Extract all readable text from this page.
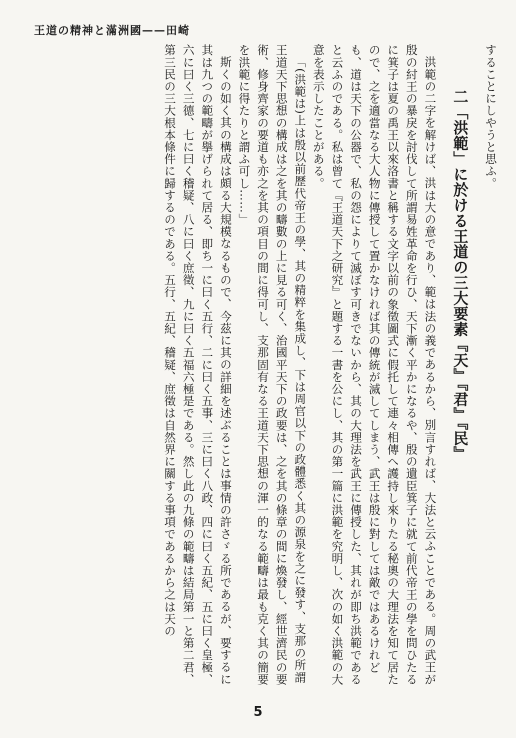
王道の精神と滿洲國——田崎

することにしやうと思ふ。

二「洪範」に於ける王道の三大要素『天』『君』『民』

洪範の二字を解けば、洪は大の意であり、範は法の義であるから、別言すれば、大法と云ふことである。周の武王が殷の紂王の暴戾を討伐して所謂易姓革命を行ひ、天下漸く平かになるや、殷の遺臣箕子に就て前代帝王の學を問ひたるに箕子は夏の禹王以來洛書と稱する文字以前の象徵圖式に假托して連々相傳へ護持し來りたる秘奧の大理法を知て居たので、之を適當なる大人物に傳授して置かなければ其の傳統が滅してしまう、武王は殷に對しては敵ではあるけれども、道は天下の公器で、私の怨によりて滅ぼす可きでないから、其の大理法を武王に傳授した、其れが即ち洪範であると云ふのである。私は曾て『王道天下之研究』と題する一書を公にし、其の第一篇に洪範を究明し、次の如く洪範の大意を表示したことがある。

「(洪範は)上は殷以前歷代帝王の學、其の精粹を集成し、下は周官以下の政體悉く其の源泉を之に發す、支那の所謂王道天下思想の構成は之を其の疇數の上に見る可く、治國平天下の政要は、之を其の條章の間に煥發し、經世濟民の要術、修身齊家の要道も亦之を其の項目の間に得可し、支那固有なる王道天下思想の渾一的なる範疇は最も克く其の簡要を洪範に得たりと謂ふ可し……」

斯くの如く其の構成は頗る大規模なるもので、今茲に其の詳細を述ぶることは事情の許さゞる所であるが、要するに其は九つの範疇が擧げられて居る、即ち一に曰く五行、二に曰く五事、三に曰く八政、四に曰く五紀、五に曰く皇極、六に曰く三德、七に曰く稽疑、八に曰く庶徵、九に曰く五福六極是である。然し此の九條の範疇は結局第一と第二君、第三民の三大根本條件に歸するのである。五行、五紀、稽疑、庶徵は自然界に關する事項であるから之は天の

5
